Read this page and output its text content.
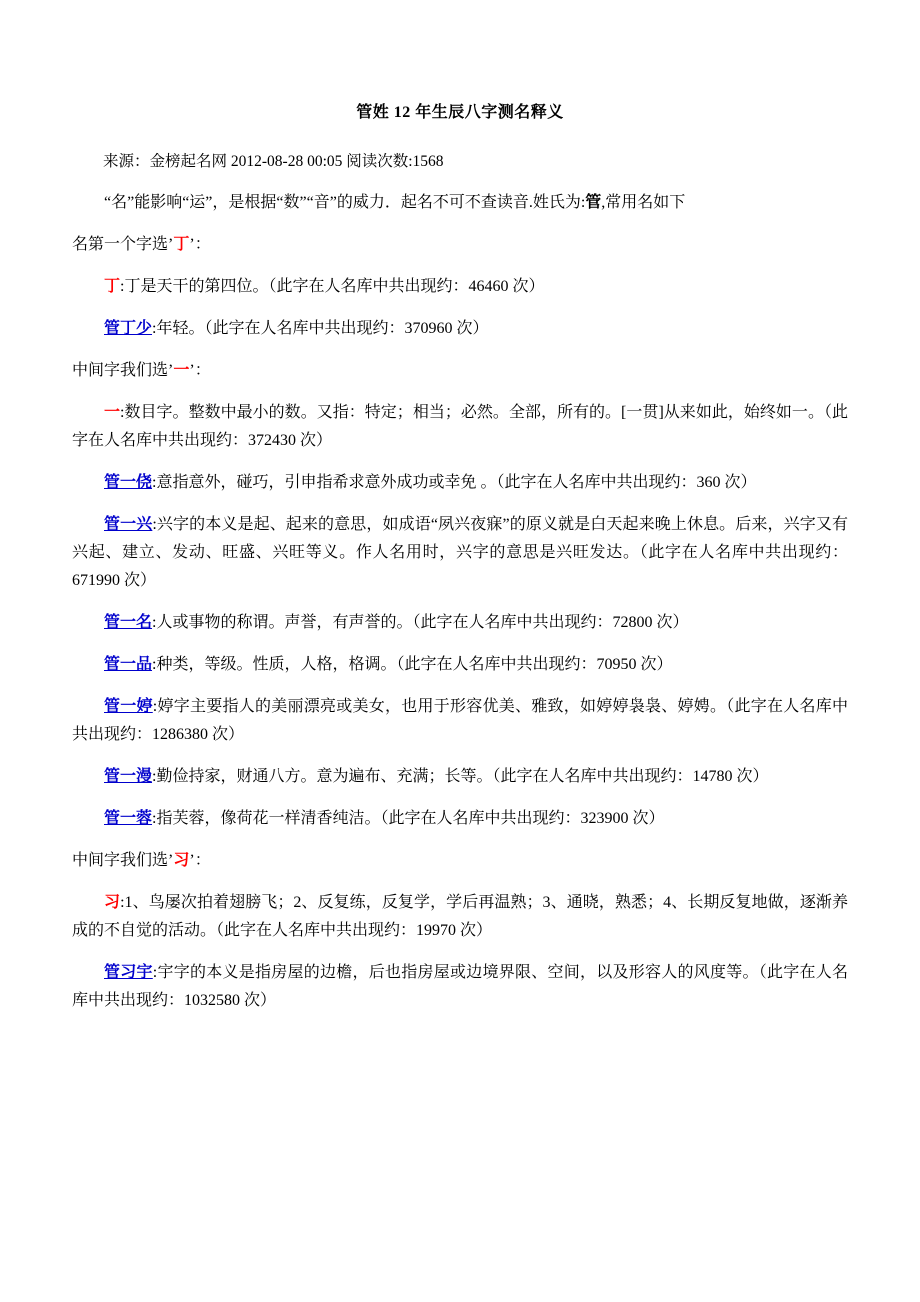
管姓 12 年生辰八字测名释义

来源：金榜起名网 2012-08-28 00:05 阅读次数:1568

“名”能影响“运”，是根据“数”“音”的威力．起名不可不查读音.姓氏为:管,常用名如下

名第一个字选’丁’：

丁:丁是天干的第四位。（此字在人名库中共出现约：46460 次）

管丁少:年轻。（此字在人名库中共出现约：370960 次）

中间字我们选’一’：

一:数目字。整数中最小的数。又指：特定；相当；必然。全部，所有的。[一贯]从来如此，始终如一。（此字在人名库中共出现约：372430 次）

管一侥:意指意外，碰巧，引申指希求意外成功或幸免 。（此字在人名库中共出现约：360 次）

管一兴:兴字的本义是起、起来的意思，如成语“夙兴夜寐”的原义就是白天起来晚上休息。后来，兴字又有兴起、建立、发动、旺盛、兴旺等义。作人名用时，兴字的意思是兴旺发达。（此字在人名库中共出现约：671990 次）

管一名:人或事物的称谓。声誉，有声誉的。（此字在人名库中共出现约：72800 次）

管一品:种类，等级。性质，人格，格调。（此字在人名库中共出现约：70950 次）

管一婷:婷字主要指人的美丽漂亮或美女，也用于形容优美、雅致，如婷婷袅袅、婷娉。（此字在人名库中共出现约：1286380 次）

管一漫:勤俭持家，财通八方。意为遍布、充满；长等。（此字在人名库中共出现约：14780 次）

管一蓉:指芙蓉，像荷花一样清香纯洁。（此字在人名库中共出现约：323900 次）

中间字我们选’习’：

习:1、鸟屡次拍着翅膀飞；2、反复练，反复学，学后再温熟；3、通晓，熟悉；4、长期反复地做，逐渐养成的不自觉的活动。（此字在人名库中共出现约：19970 次）

管习宇:宇字的本义是指房屋的边檐，后也指房屋或边境界限、空间，以及形容人的风度等。（此字在人名库中共出现约：1032580 次）
